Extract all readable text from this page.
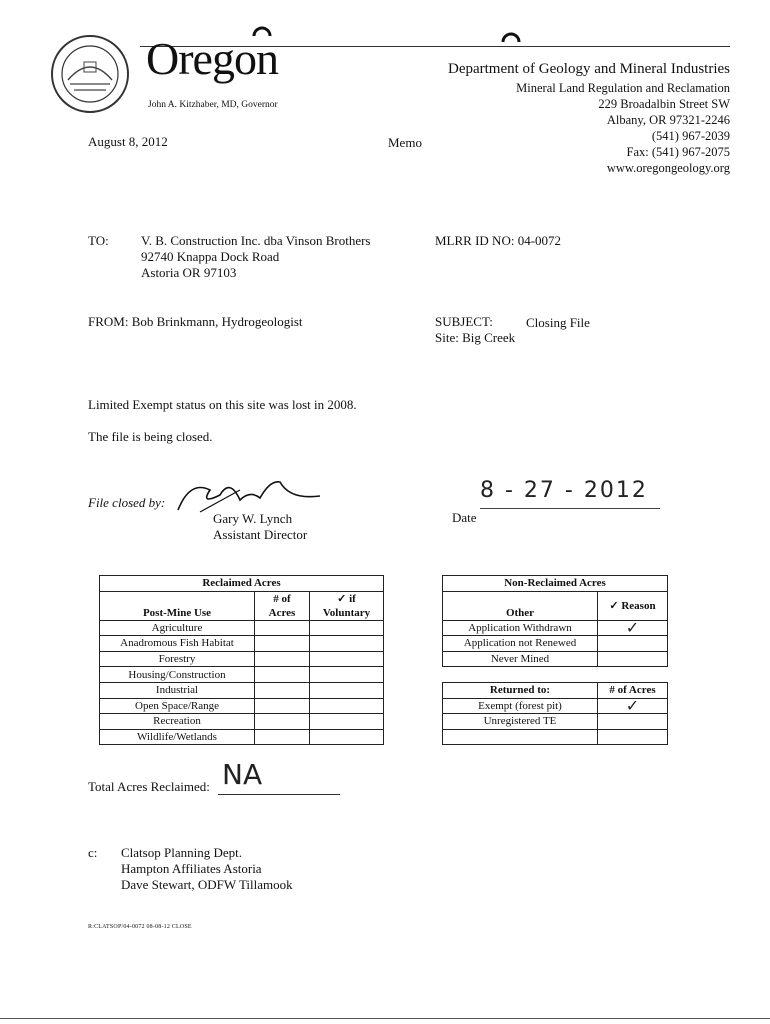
Oregon
John A. Kitzhaber, MD, Governor
Department of Geology and Mineral Industries
Mineral Land Regulation and Reclamation
229 Broadalbin Street SW
Albany, OR 97321-2246
(541) 967-2039
Fax: (541) 967-2075
www.oregongeology.org
August 8, 2012	Memo
TO: V. B. Construction Inc. dba Vinson Brothers
92740 Knappa Dock Road
Astoria OR 97103
MLRR ID NO: 04-0072
FROM: Bob Brinkmann, Hydrogeologist	SUBJECT:	Closing File
Site: Big Creek
Limited Exempt status on this site was lost in 2008.
The file is being closed.
File closed by:
Gary W. Lynch
Assistant Director
Date
8 - 27 - 2012
Reclaimed Acres		
Post-Mine Use	# of Acres	✓ if Voluntary
Agriculture		
Anadromous Fish Habitat		
Forestry		
Housing/Construction		
Industrial		
Open Space/Range		
Recreation		
Wildlife/Wetlands		
Non-Reclaimed Acres	
Other	✓ Reason
Application Withdrawn	✓
Application not Renewed	
Never Mined	
Returned to:	# of Acres
Exempt (forest pit)	✓
Unregistered TE	

Total Acres Reclaimed: NA
c: Clatsop Planning Dept.
Hampton Affiliates Astoria
Dave Stewart, ODFW Tillamook
R:CLATSOP/04-0072 08-08-12 CLOSE
